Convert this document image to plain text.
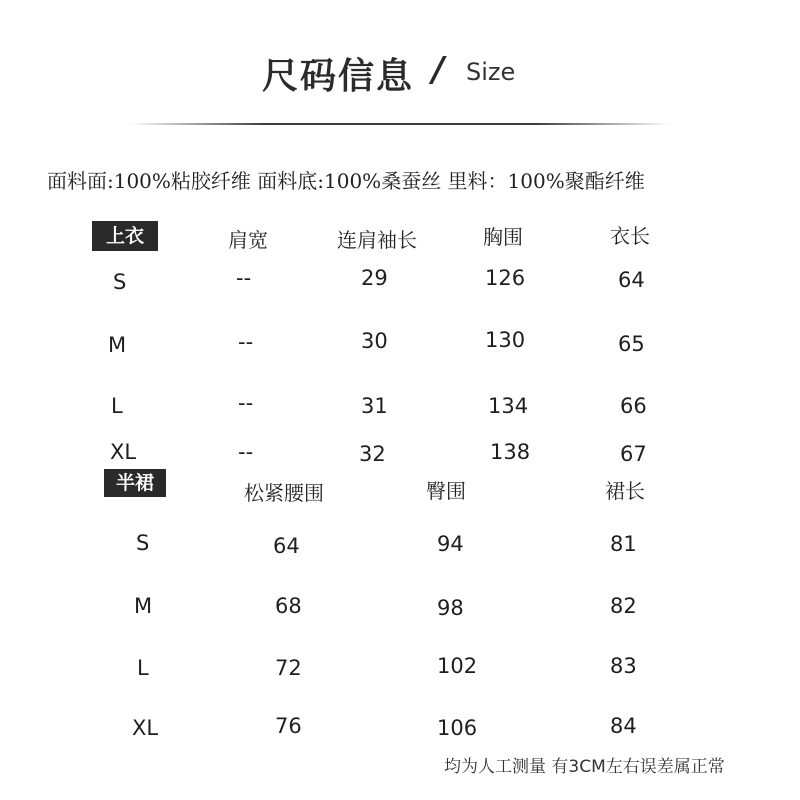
尺码信息 / Size
面料面:100%粘胶纤维 面料底:100%桑蚕丝 里料：100%聚酯纤维
上衣	肩宽	连肩袖长	胸围	衣长
S	--	29	126	64
M	--	30	130	65
L	--	31	134	66
XL	--	32	138	67
半裙	松紧腰围	臀围	裙长
S	64	94	81
M	68	98	82
L	72	102	83
XL	76	106	84
均为人工测量 有3CM左右误差属正常
